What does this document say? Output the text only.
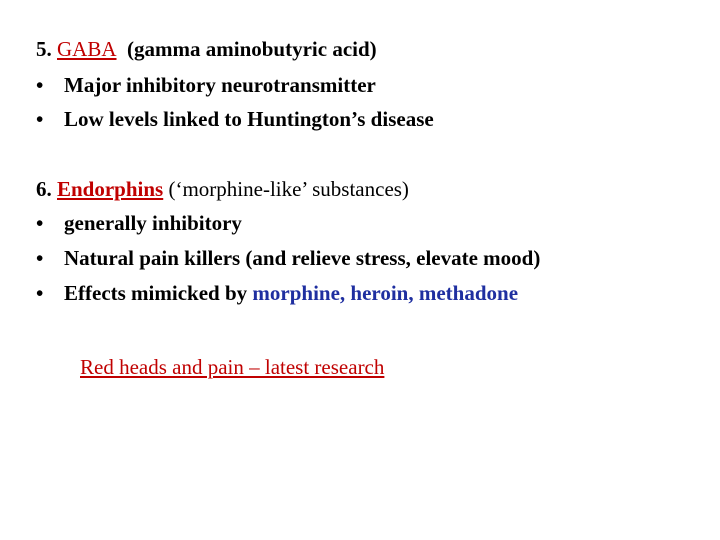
5. GABA (gamma aminobutyric acid)
• Major inhibitory neurotransmitter
• Low levels linked to Huntington’s disease
6. Endorphins (‘morphine-like’ substances)
• generally inhibitory
• Natural pain killers (and relieve stress, elevate mood)
• Effects mimicked by morphine, heroin, methadone
Red heads and pain – latest research
